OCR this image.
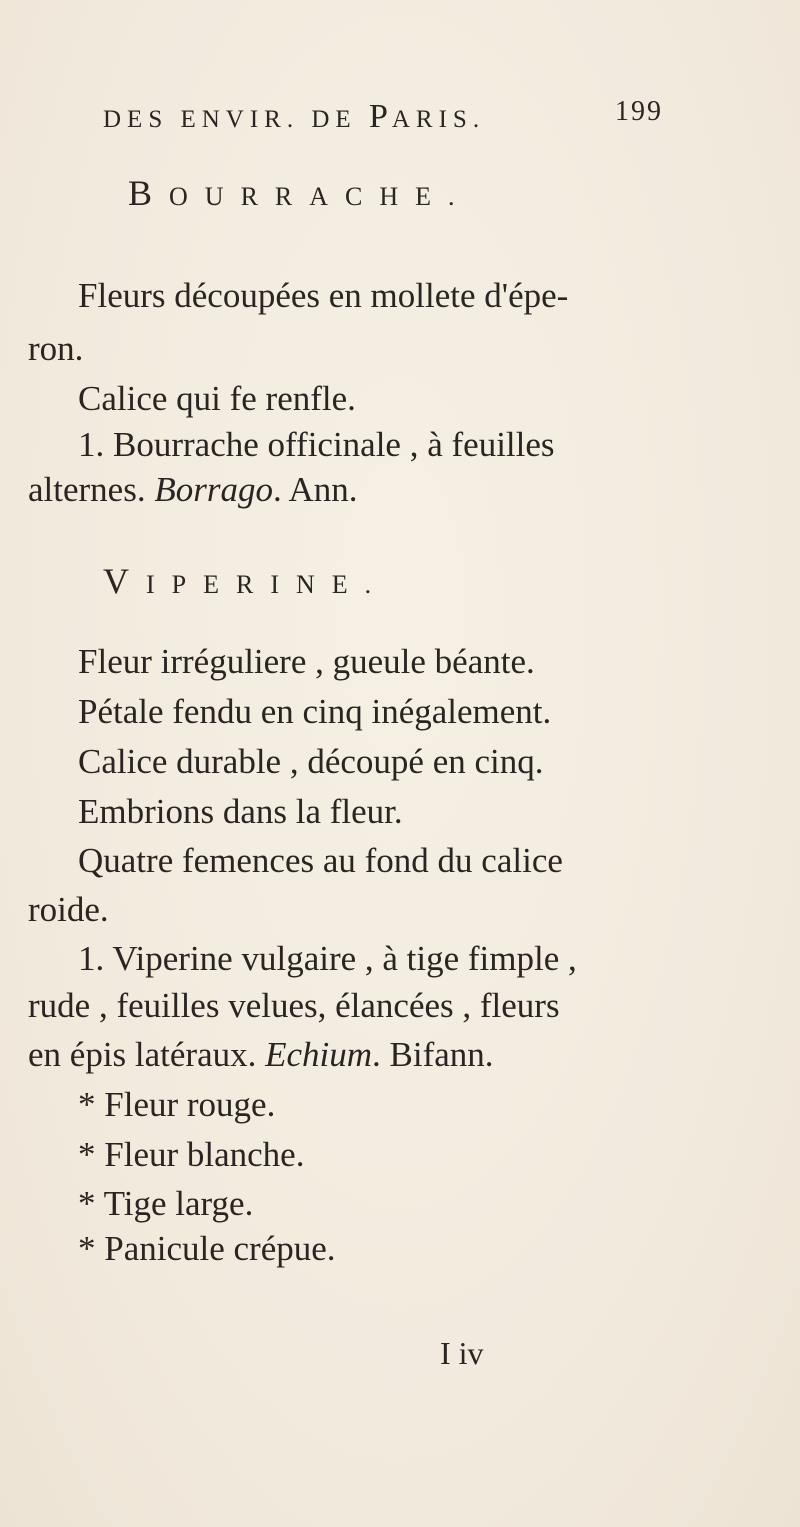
DES ENVIR. DE PARIS.	199
BOURRACHE.
Fleurs découpées en mollete d'épe-
ron.
Calice qui fe renfle.
1. Bourrache officinale , à feuilles
alternes. Borrago. Ann.
VIPERINE.
Fleur irréguliere , gueule béante.
Pétale fendu en cinq inégalement.
Calice durable , découpé en cinq.
Embrions dans la fleur.
Quatre femences au fond du calice
roide.
1. Viperine vulgaire , à tige fimple ,
rude , feuilles velues, élancées , fleurs
en épis latéraux. Echium. Bifann.
* Fleur rouge.
* Fleur blanche.
* Tige large.
* Panicule crépue.
I iv
